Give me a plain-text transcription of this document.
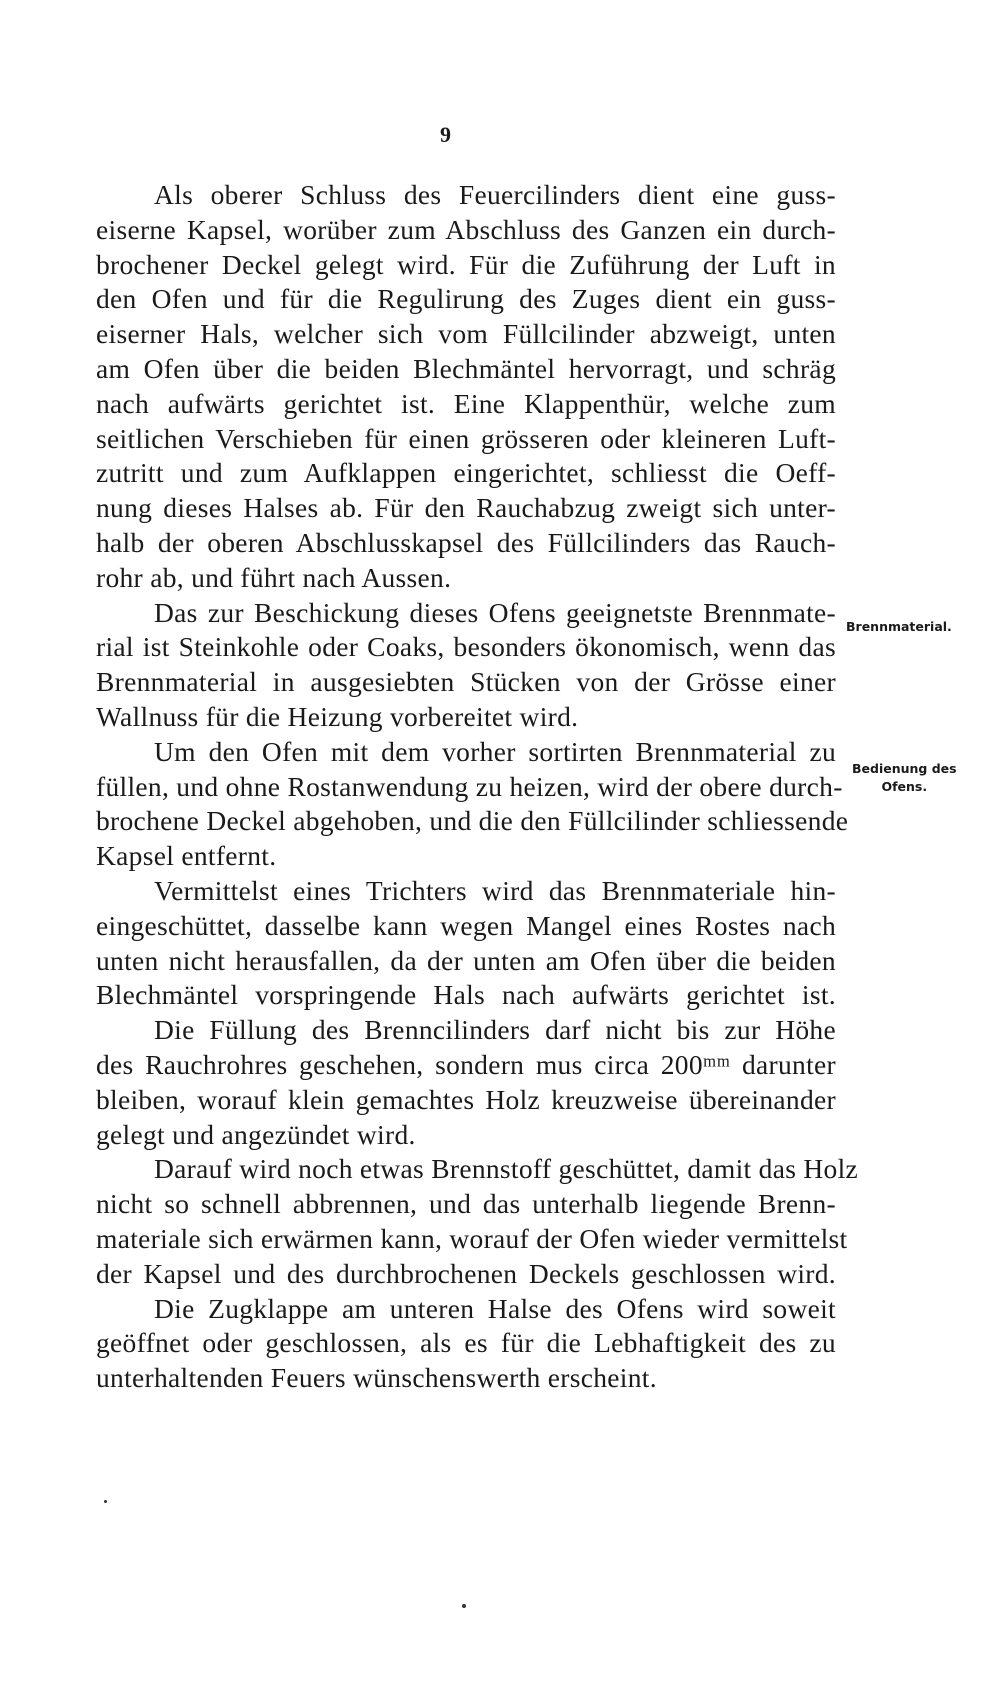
9
Als oberer Schluss des Feuercilinders dient eine guss-
eiserne Kapsel, worüber zum Abschluss des Ganzen ein durch-
brochener Deckel gelegt wird. Für die Zuführung der Luft in
den Ofen und für die Regulirung des Zuges dient ein guss-
eiserner Hals, welcher sich vom Füllcilinder abzweigt, unten
am Ofen über die beiden Blechmäntel hervorragt, und schräg
nach aufwärts gerichtet ist. Eine Klappenthür, welche zum
seitlichen Verschieben für einen grösseren oder kleineren Luft-
zutritt und zum Aufklappen eingerichtet, schliesst die Oeff-
nung dieses Halses ab. Für den Rauchabzug zweigt sich unter-
halb der oberen Abschlusskapsel des Füllcilinders das Rauch-
rohr ab, und führt nach Aussen.
Das zur Beschickung dieses Ofens geeignetste Brennmate-
rial ist Steinkohle oder Coaks, besonders ökonomisch, wenn das
Brennmaterial in ausgesiebten Stücken von der Grösse einer
Wallnuss für die Heizung vorbereitet wird.
Um den Ofen mit dem vorher sortirten Brennmaterial zu
füllen, und ohne Rostanwendung zu heizen, wird der obere durch-
brochene Deckel abgehoben, und die den Füllcilinder schliessende
Kapsel entfernt.
Vermittelst eines Trichters wird das Brennmateriale hin-
eingeschüttet, dasselbe kann wegen Mangel eines Rostes nach
unten nicht herausfallen, da der unten am Ofen über die beiden
Blechmäntel vorspringende Hals nach aufwärts gerichtet ist.
Die Füllung des Brenncilinders darf nicht bis zur Höhe
des Rauchrohres geschehen, sondern mus circa 200ᵐᵐ darunter
bleiben, worauf klein gemachtes Holz kreuzweise übereinander
gelegt und angezündet wird.
Darauf wird noch etwas Brennstoff geschüttet, damit das Holz
nicht so schnell abbrennen, und das unterhalb liegende Brenn-
materiale sich erwärmen kann, worauf der Ofen wieder vermittelst
der Kapsel und des durchbrochenen Deckels geschlossen wird.
Die Zugklappe am unteren Halse des Ofens wird soweit
geöffnet oder geschlossen, als es für die Lebhaftigkeit des zu
unterhaltenden Feuers wünschenswerth erscheint.
Brennmaterial.
Bedienung des
Ofens.
